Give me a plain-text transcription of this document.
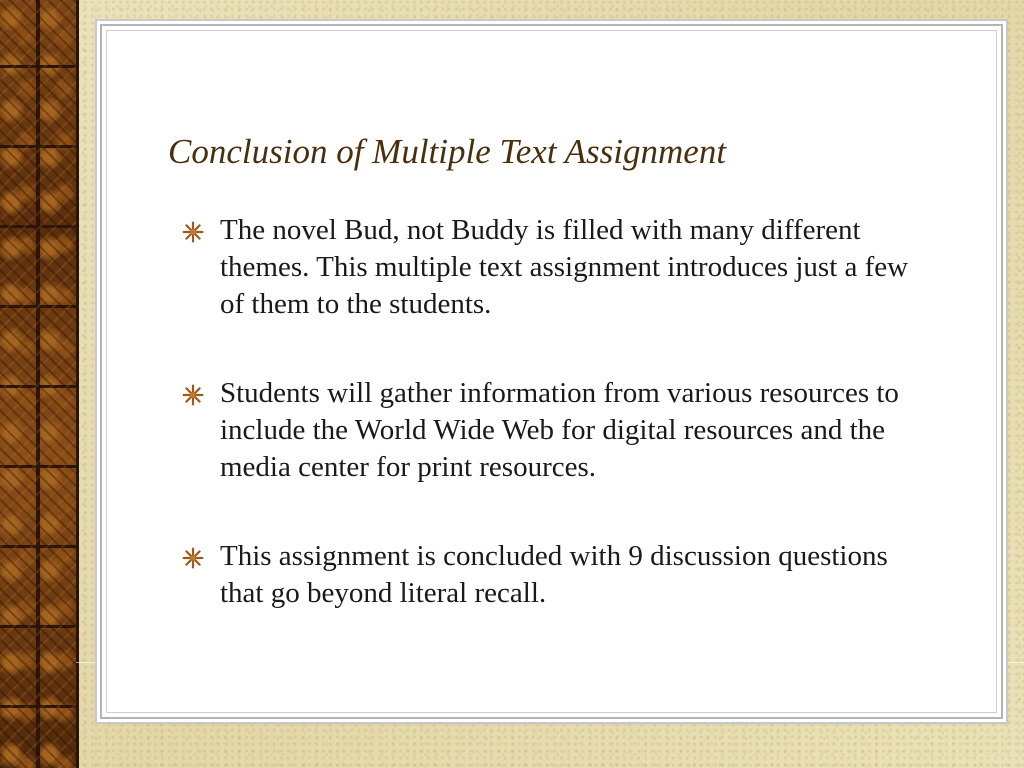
Conclusion of Multiple Text Assignment
The novel Bud, not Buddy is filled with many different themes. This multiple text assignment introduces just a few of them to the students.
Students will gather information from various resources to include the World Wide Web for digital resources and the media center for print resources.
This assignment is concluded with 9 discussion questions that go beyond literal recall.
